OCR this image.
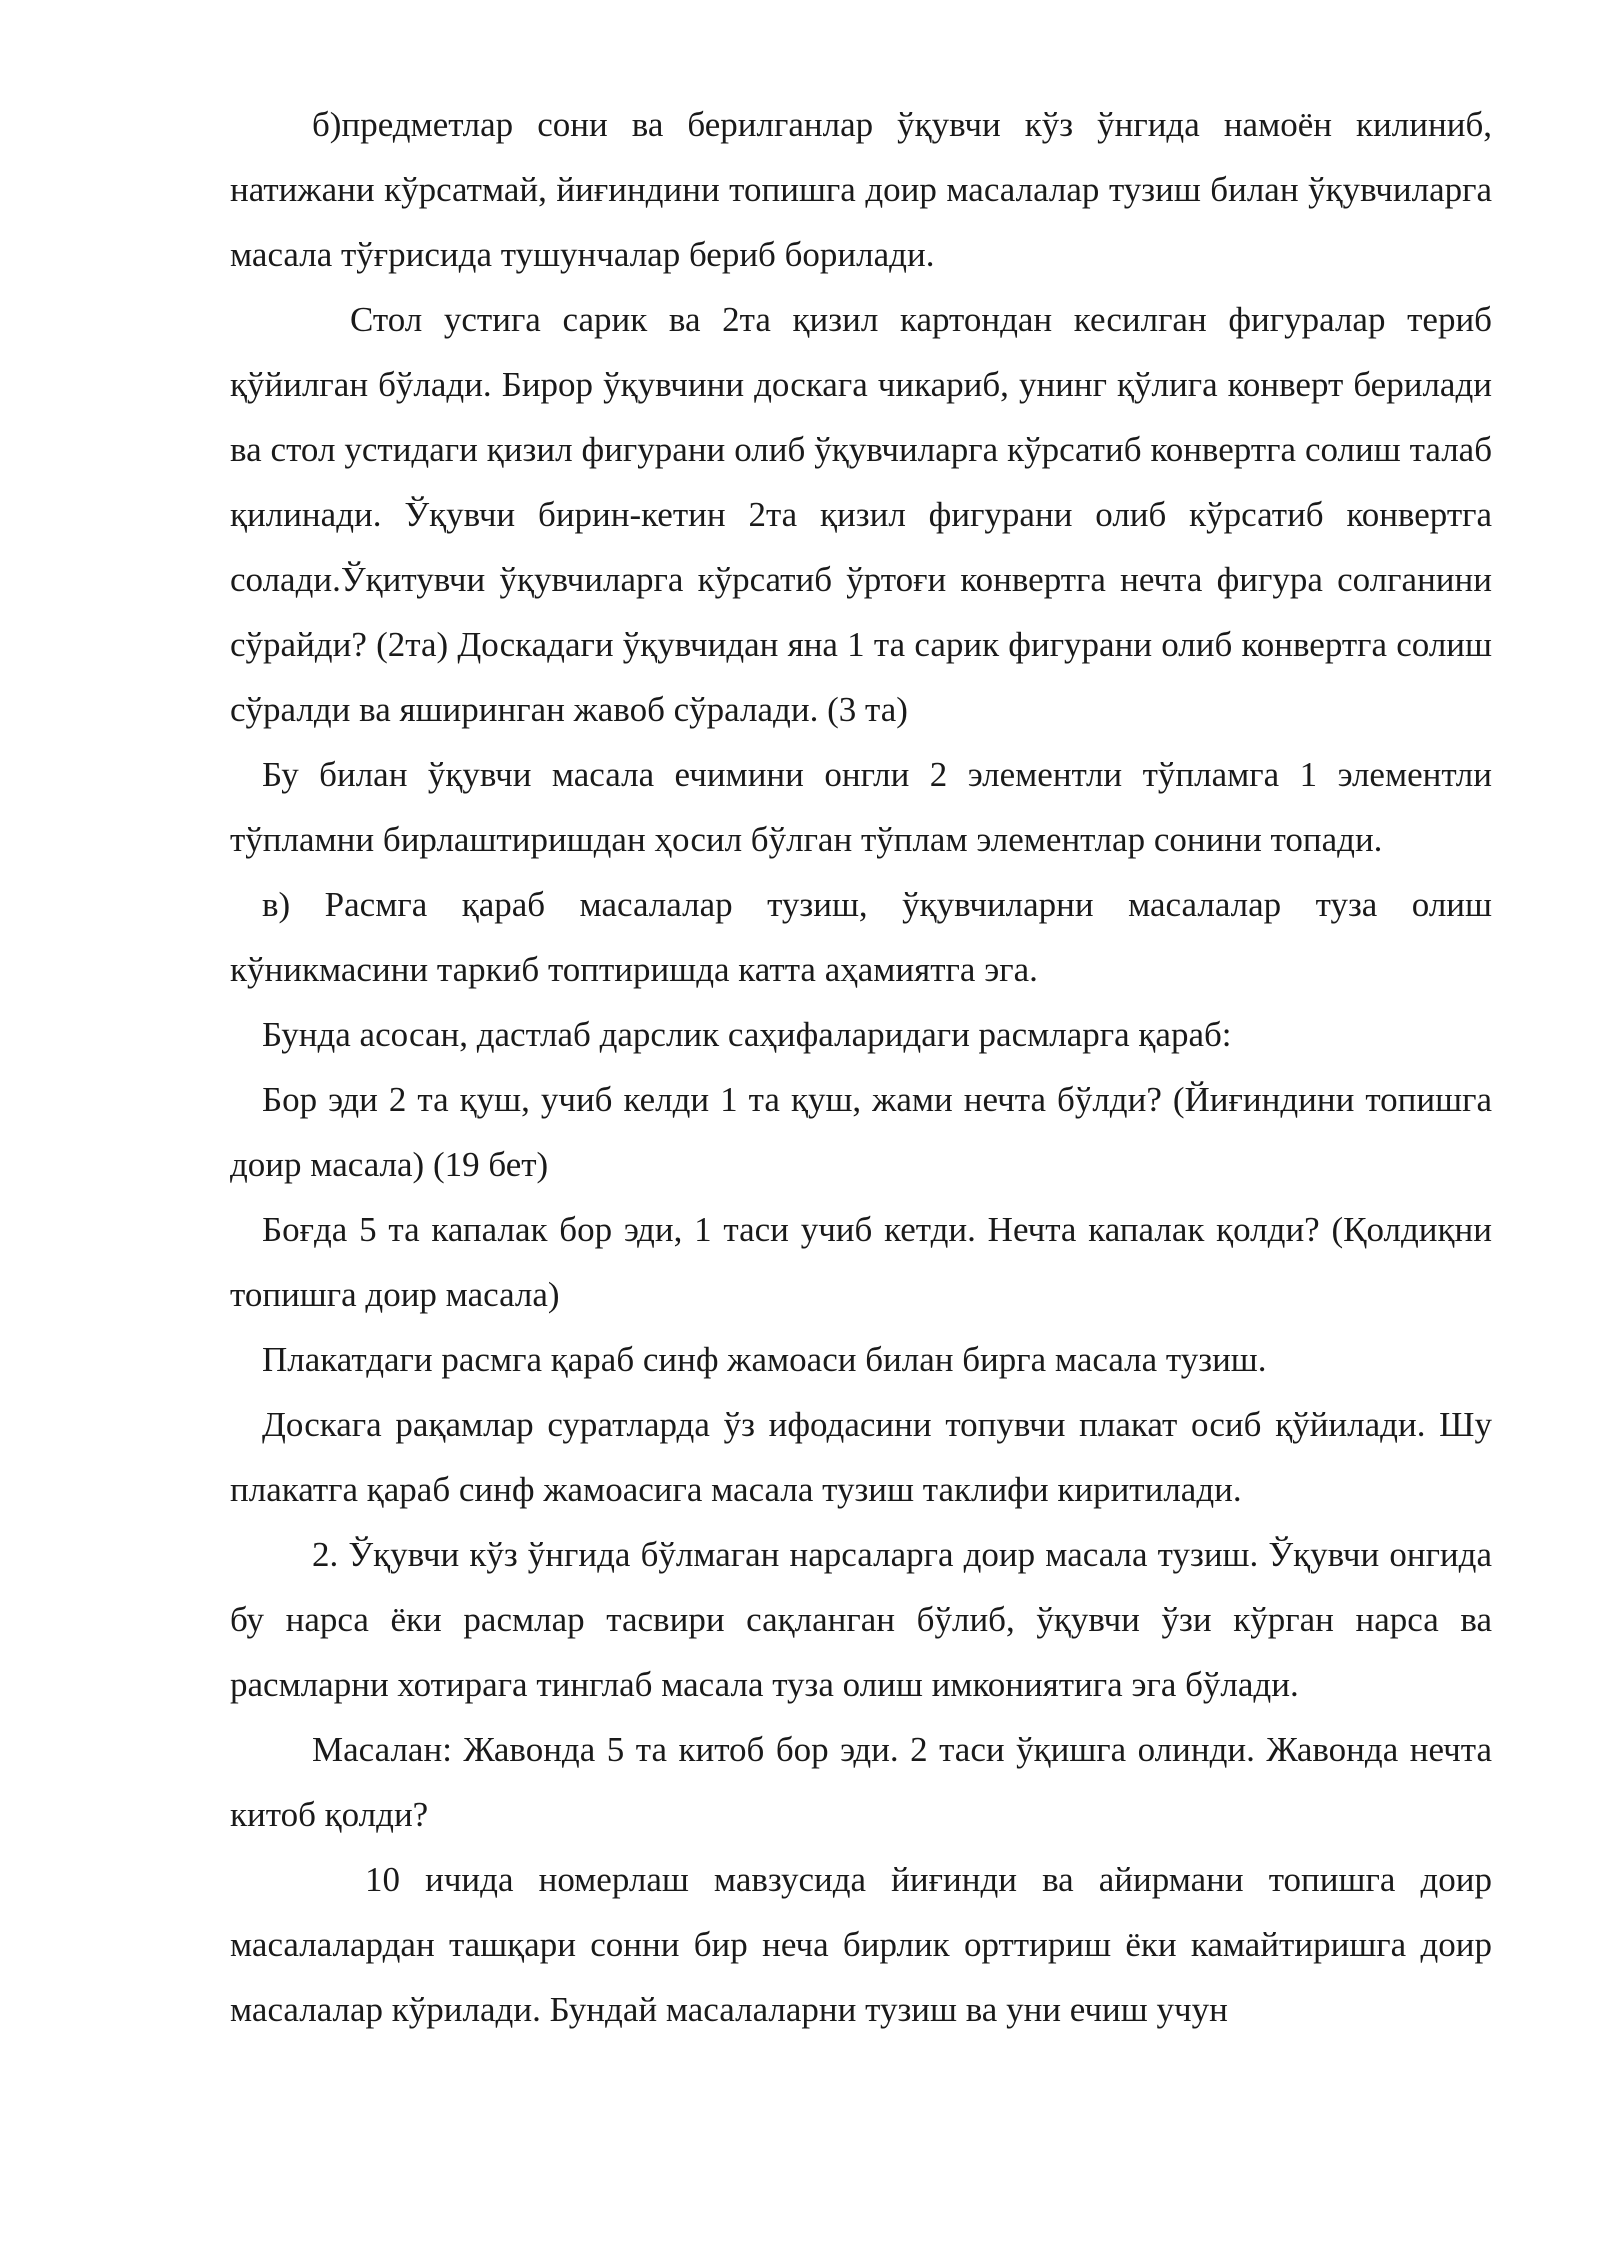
б)предметлар сони ва берилганлар ўқувчи кўз ўнгида намоён килиниб, натижани кўрсатмай, йиғиндини топишга доир масалалар тузиш билан ўқувчиларга масала тўғрисида тушунчалар бериб борилади.

Стол устига сарик ва 2та қизил картондан кесилган фигуралар териб қўйилган бўлади. Бирор ўқувчини доскага чикариб, унинг қўлига конверт берилади ва стол устидаги қизил фигурани олиб ўқувчиларга кўрсатиб конвертга солиш талаб қилинади. Ўқувчи бирин-кетин 2та қизил фигурани олиб кўрсатиб конвертга солади.Ўқитувчи ўқувчиларга кўрсатиб ўртоғи конвертга нечта фигура солганини сўрайди? (2та) Доскадаги ўқувчидан яна 1 та сарик фигурани олиб конвертга солиш сўралди ва яширинган жавоб сўралади. (3 та)

Бу билан ўқувчи масала ечимини онгли 2 элементли тўпламга 1 элементли тўпламни бирлаштиришдан ҳосил бўлган тўплам элементлар сонини топади.

в) Расмга қараб масалалар тузиш, ўқувчиларни масалалар туза олиш кўникмасини таркиб топтиришда катта аҳамиятга эга.

Бунда асосан, дастлаб дарслик саҳифаларидаги расмларга қараб:

Бор эди 2 та қуш, учиб келди 1 та қуш, жами нечта бўлди? (Йиғиндини топишга доир масала) (19 бет)

Боғда 5 та капалак бор эди, 1 таси учиб кетди. Нечта капалак қолди? (Қолдиқни топишга доир масала)

Плакатдаги расмга қараб синф жамоаси билан бирга масала тузиш.

Доскага рақамлар суратларда ўз ифодасини топувчи плакат осиб қўйилади. Шу плакатга қараб синф жамоасига масала тузиш таклифи киритилади.

2. Ўқувчи кўз ўнгида бўлмаган нарсаларга доир масала тузиш. Ўқувчи онгида бу нарса ёки расмлар тасвири сақланган бўлиб, ўқувчи ўзи кўрган нарса ва расмларни хотирага тинглаб масала туза олиш имкониятига эга бўлади.

Масалан: Жавонда 5 та китоб бор эди. 2 таси ўқишга олинди. Жавонда нечта китоб қолди?

10 ичида номерлаш мавзусида йиғинди ва айирмани топишга доир масалалардан ташқари сонни бир неча бирлик орттириш ёки камайтиришга доир масалалар кўрилади. Бундай масалаларни тузиш ва уни ечиш учун
